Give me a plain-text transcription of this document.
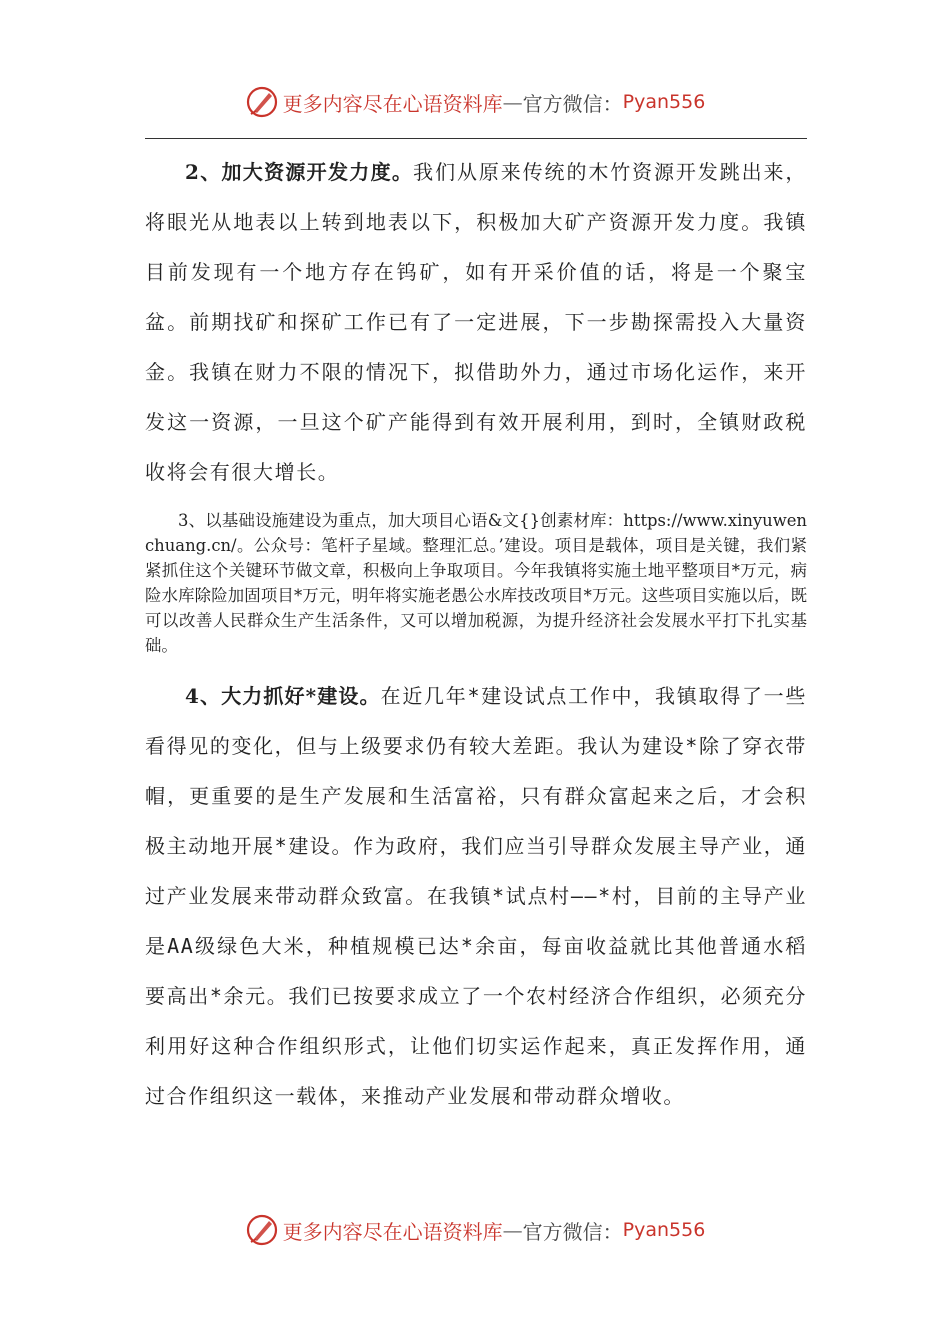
更多内容尽在心语资料库 — 官方微信： Pyan556

2、加大资源开发力度。我们从原来传统的木竹资源开发跳出来，将眼光从地表以上转到地表以下，积极加大矿产资源开发力度。我镇目前发现有一个地方存在钨矿，如有开采价值的话，将是一个聚宝盆。前期找矿和探矿工作已有了一定进展，下一步勘探需投入大量资金。我镇在财力不限的情况下，拟借助外力，通过市场化运作，来开发这一资源，一旦这个矿产能得到有效开展利用，到时，全镇财政税收将会有很大增长。

3、以基础设施建设为重点，加大项目心语&文{}创素材库：https://www.xinyuwenchuang.cn/。公众号：笔杆子星域。整理汇总。’建设。项目是载体，项目是关键，我们紧紧抓住这个关键环节做文章，积极向上争取项目。今年我镇将实施土地平整项目*万元，病险水库除险加固项目*万元，明年将实施老愚公水库技改项目*万元。这些项目实施以后，既可以改善人民群众生产生活条件，又可以增加税源，为提升经济社会发展水平打下扎实基础。

4、大力抓好*建设。在近几年*建设试点工作中，我镇取得了一些看得见的变化，但与上级要求仍有较大差距。我认为建设*除了穿衣带帽，更重要的是生产发展和生活富裕，只有群众富起来之后，才会积极主动地开展*建设。作为政府，我们应当引导群众发展主导产业，通过产业发展来带动群众致富。在我镇*试点村——*村，目前的主导产业是AA级绿色大米，种植规模已达*余亩，每亩收益就比其他普通水稻要高出*余元。我们已按要求成立了一个农村经济合作组织，必须充分利用好这种合作组织形式，让他们切实运作起来，真正发挥作用，通过合作组织这一载体，来推动产业发展和带动群众增收。

更多内容尽在心语资料库 — 官方微信： Pyan556
